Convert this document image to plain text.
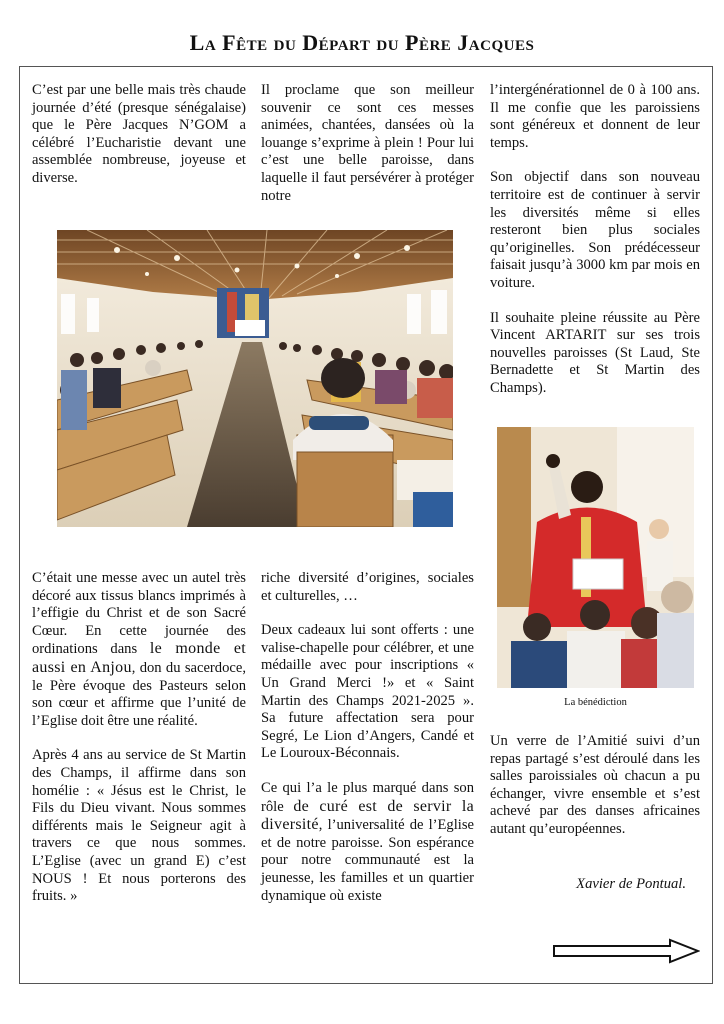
La Fête du Départ du Père Jacques

C’est par une belle mais très chaude journée d’été (presque sénégalaise) que le Père Jacques N’GOM a célébré l’Eucharistie devant une assemblée nombreuse, joyeuse et diverse.

Il proclame que son meilleur souvenir ce sont ces messes animées, chantées, dansées où la louange s’exprime à plein ! Pour lui c’est une belle paroisse, dans laquelle il faut persévérer à protéger notre

l’intergénérationnel de 0 à 100 ans. Il me confie que les paroissiens sont généreux et donnent de leur temps.

Son objectif dans son nouveau territoire est de continuer à servir les diversités même si elles resteront bien plus sociales qu’originelles. Son prédécesseur faisait jusqu’à 3000 km par mois en voiture.

Il souhaite pleine réussite au Père Vincent ARTARIT sur ses trois nouvelles paroisses (St Laud, Ste Bernadette et St Martin des Champs).

C’était une messe avec un autel très décoré aux tissus blancs imprimés à l’effigie du Christ et de son Sacré Cœur. En cette journée des ordinations dans le monde et aussi en Anjou, don du sacerdoce, le Père évoque des Pasteurs selon son cœur et affirme que l’unité de l’Eglise doit être une réalité.

Après 4 ans au service de St Martin des Champs, il affirme dans son homélie : « Jésus est le Christ, le Fils du Dieu vivant. Nous sommes différents mais le Seigneur agit à travers ce que nous sommes. L’Eglise (avec un grand E) c’est NOUS ! Et nous porterons des fruits. »

riche diversité d’origines, sociales et culturelles, …

Deux cadeaux lui sont offerts : une valise-chapelle pour célébrer, et une médaille avec pour inscriptions « Un Grand Merci !» et « Saint Martin des Champs 2021-2025 ». Sa future affectation sera pour Segré, Le Lion d’Angers, Candé et Le Louroux-Béconnais.

Ce qui l’a le plus marqué dans son rôle de curé est de servir la diversité, l’universalité de l’Eglise et de notre paroisse. Son espérance pour notre communauté est la jeunesse, les familles et un quartier dynamique où existe

La bénédiction

Un verre de l’Amitié suivi d’un repas partagé s’est déroulé dans les salles paroissiales où chacun a pu échanger, vivre ensemble et s’est achevé par des danses africaines autant qu’européennes.

Xavier de Pontual.
